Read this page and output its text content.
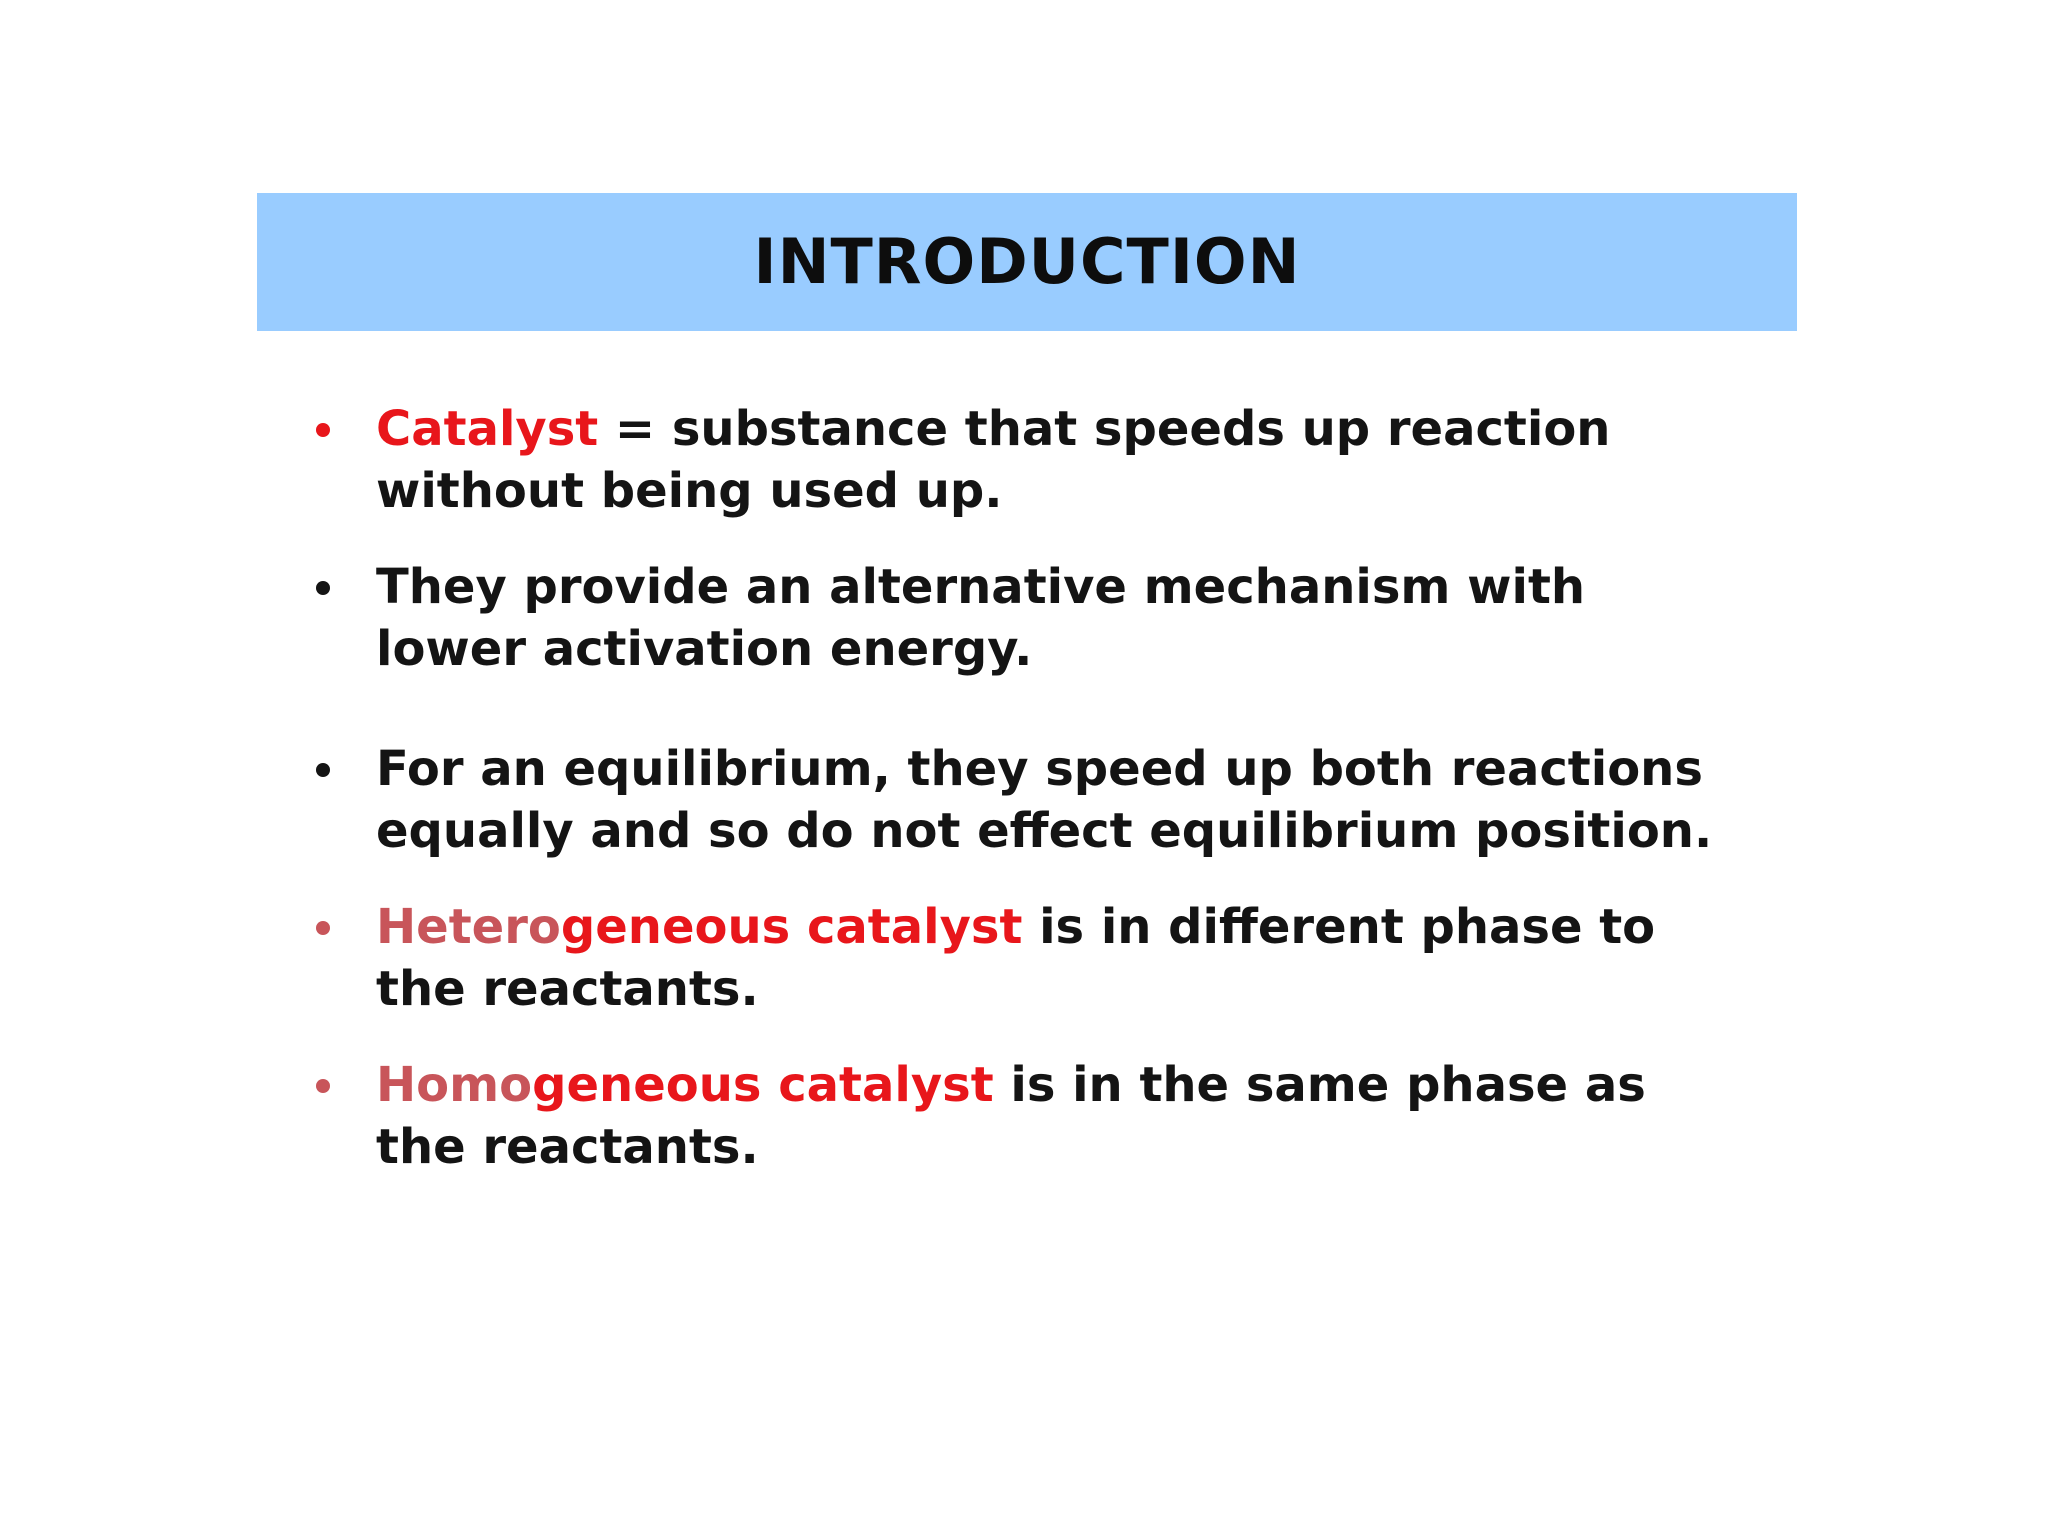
INTRODUCTION
Catalyst = substance that speeds up reaction without being used up.
They provide an alternative mechanism with lower activation energy.
For an equilibrium, they speed up both reactions equally and so do not effect equilibrium position.
Heterogeneous catalyst is in different phase to the reactants.
Homogeneous catalyst is in the same phase as the reactants.
